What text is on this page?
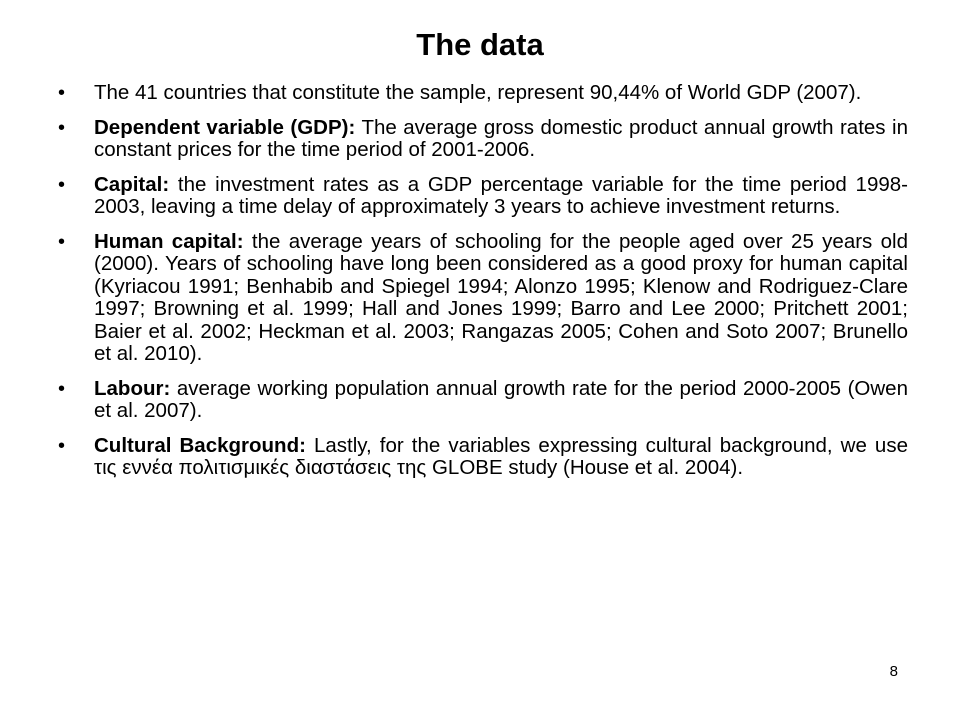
The data
• The 41 countries that constitute the sample, represent 90,44% of World GDP (2007).
• Dependent variable (GDP): The average gross domestic product annual growth rates in constant prices for the time period of 2001-2006.
• Capital: the investment rates as a GDP percentage variable for the time period 1998-2003, leaving a time delay of approximately 3 years to achieve investment returns.
• Human capital: the average years of schooling for the people aged over 25 years old (2000). Years of schooling have long been considered as a good proxy for human capital (Kyriacou 1991; Benhabib and Spiegel 1994; Alonzo 1995; Klenow and Rodriguez-Clare 1997; Browning et al. 1999; Hall and Jones 1999; Barro and Lee 2000; Pritchett 2001; Baier et al. 2002; Heckman et al. 2003; Rangazas 2005; Cohen and Soto 2007; Brunello et al. 2010).
• Labour: average working population annual growth rate for the period 2000-2005 (Owen et al. 2007).
• Cultural Background: Lastly, for the variables expressing cultural background, we use τις εννέα πολιτισμικές διαστάσεις της GLOBE study (House et al. 2004).
8
